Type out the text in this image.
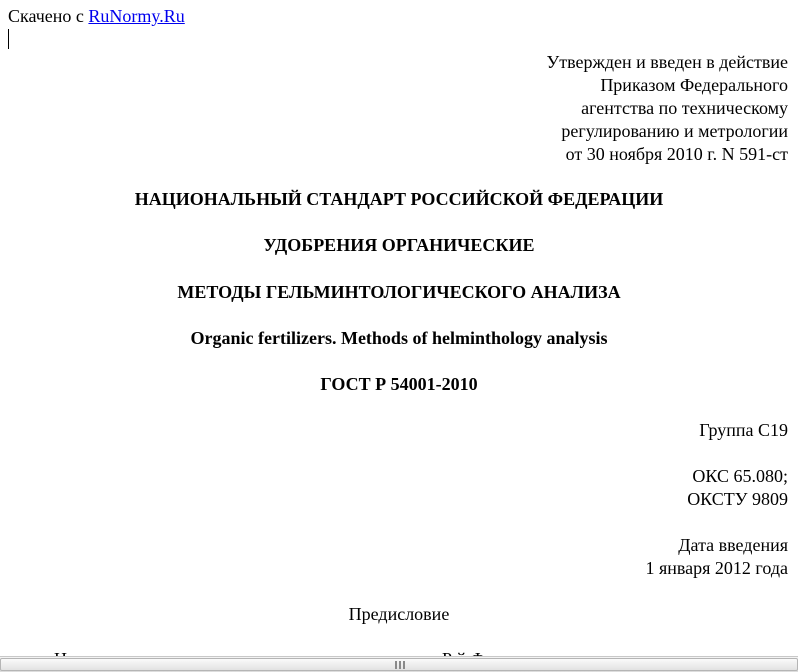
Скачено с RuNormy.Ru
Утвержден и введен в действие
Приказом Федерального
агентства по техническому
регулированию и метрологии
от 30 ноября 2010 г. N 591-ст
НАЦИОНАЛЬНЫЙ СТАНДАРТ РОССИЙСКОЙ ФЕДЕРАЦИИ
УДОБРЕНИЯ ОРГАНИЧЕСКИЕ
МЕТОДЫ ГЕЛЬМИНТОЛОГИЧЕСКОГО АНАЛИЗА
Organic fertilizers. Methods of helminthology analysis
ГОСТ Р 54001-2010
Группа С19
ОКС 65.080;
ОКСТУ 9809
Дата введения
1 января 2012 года
Предисловие
